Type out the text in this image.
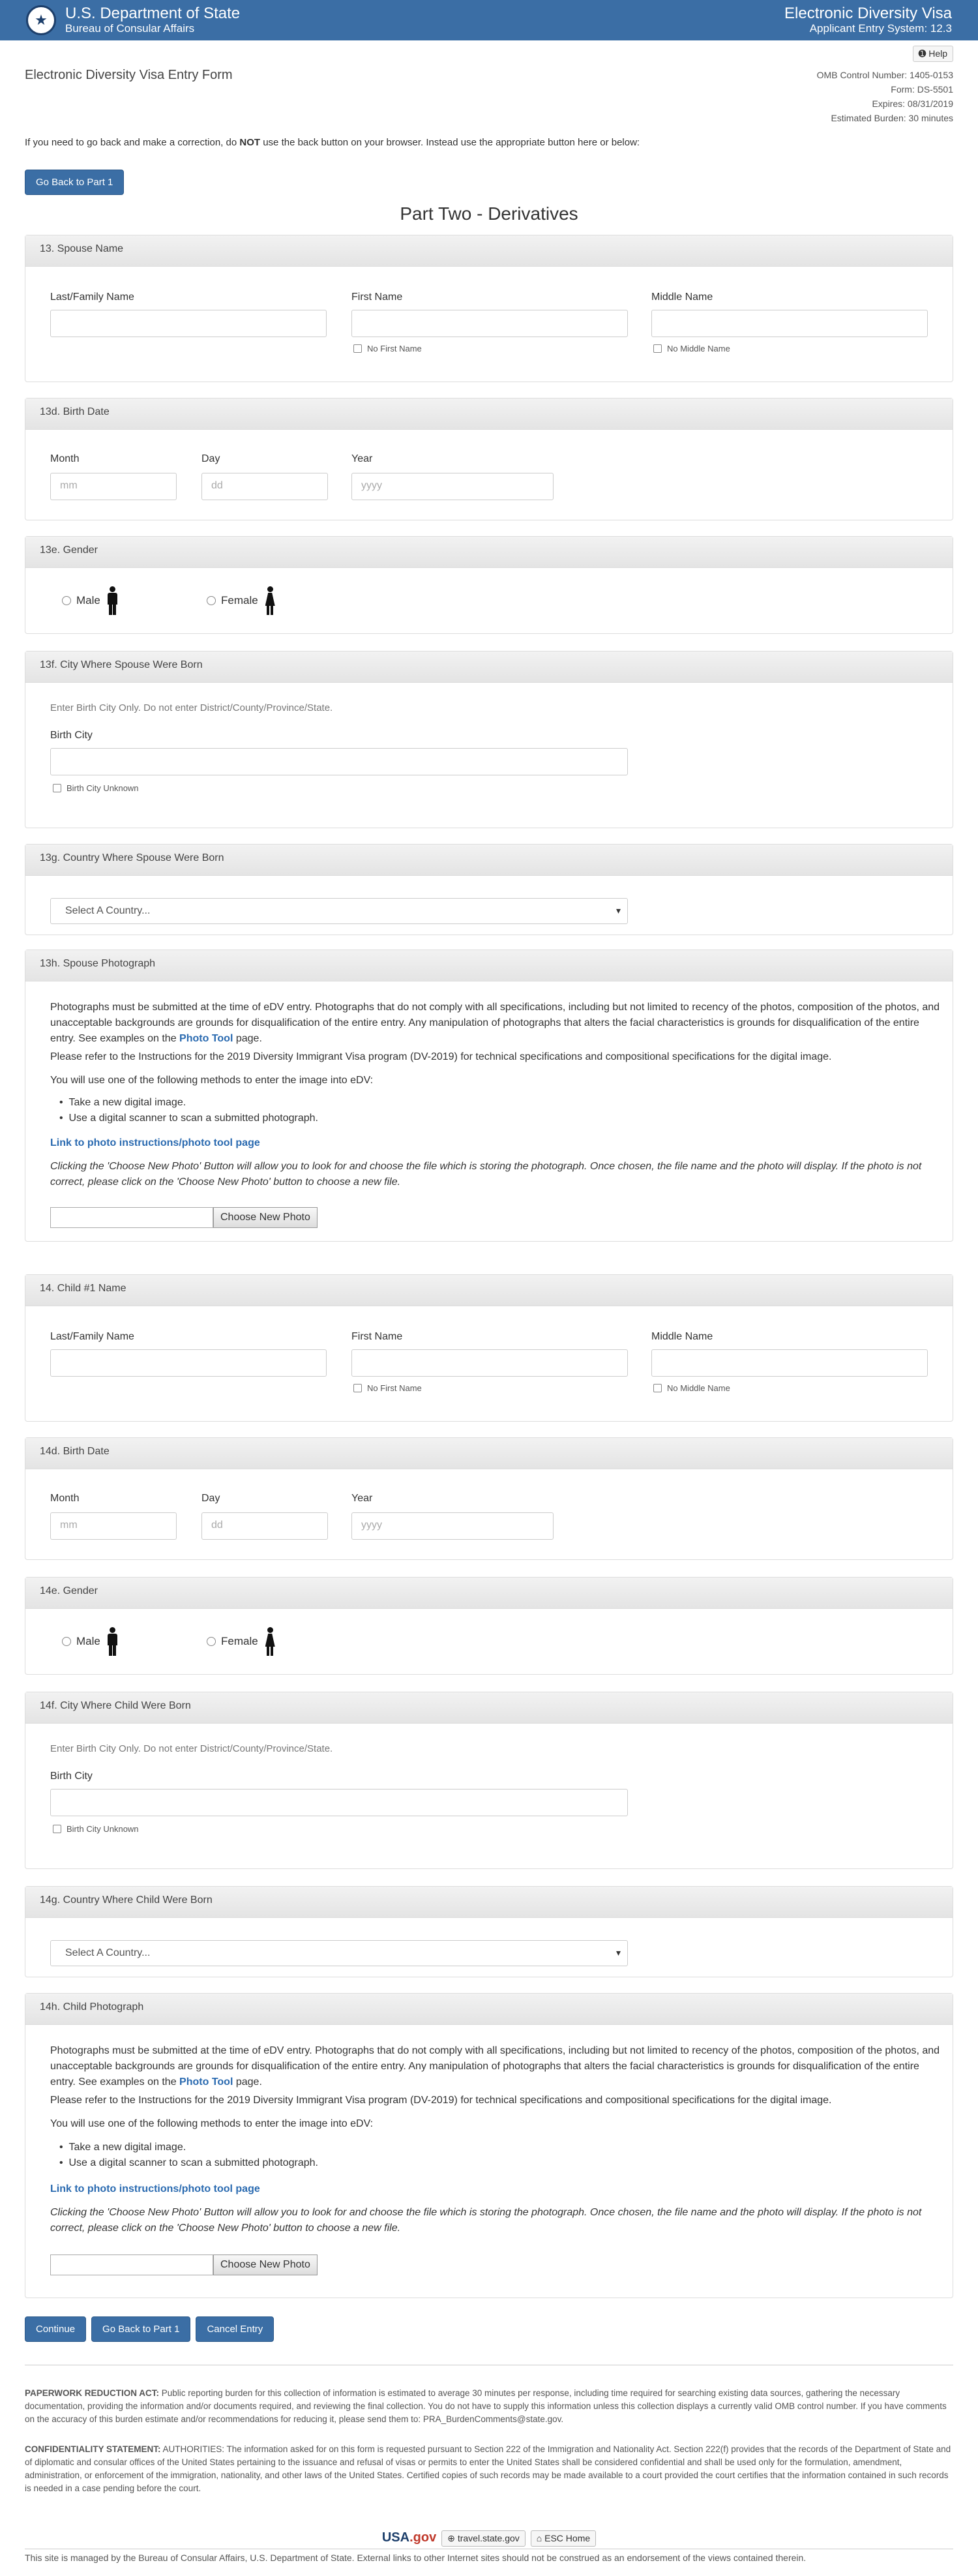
★	U.S. Department of State
Bureau of Consular Affairs
Electronic Diversity Visa
Applicant Entry System: 12.3
Electronic Diversity Visa Entry Form
➊ Help
OMB Control Number: 1405-0153
Form: DS-5501
Expires: 08/31/2019
Estimated Burden: 30 minutes
If you need to go back and make a correction, do NOT use the back button on your browser. Instead use the appropriate button here or below:
Go Back to Part 1
Part Two - Derivatives
13. Spouse Name
Last/Family Name	First Name
No First Name
Middle Name
No Middle Name
13d. Birth Date
Month
mm
Day
dd
Year
yyyy
13e. Gender
Male	Female
13f. City Where Spouse Were Born
Enter Birth City Only. Do not enter District/County/Province/State.
Birth City
Birth City Unknown
13g. Country Where Spouse Were Born
Select A Country...	▾
13h. Spouse Photograph
Photographs must be submitted at the time of eDV entry. Photographs that do not comply with all specifications, including but not limited to recency of the photos, composition of the photos, and unacceptable backgrounds are grounds for disqualification of the entire entry. Any manipulation of photographs that alters the facial characteristics is grounds for disqualification of the entire entry. See examples on the Photo Tool page.
Please refer to the Instructions for the 2019 Diversity Immigrant Visa program (DV-2019) for technical specifications and compositional specifications for the digital image.
You will use one of the following methods to enter the image into eDV:
•  Take a new digital image.
•  Use a digital scanner to scan a submitted photograph.
Link to photo instructions/photo tool page
Clicking the 'Choose New Photo' Button will allow you to look for and choose the file which is storing the photograph. Once chosen, the file name and the photo will display. If the photo is not correct, please click on the 'Choose New Photo' button to choose a new file.
Choose New Photo
14. Child #1 Name
Last/Family Name	First Name
No First Name
Middle Name
No Middle Name
14d. Birth Date
Month
mm
Day
dd
Year
yyyy
14e. Gender
Male	Female
14f. City Where Child Were Born
Enter Birth City Only. Do not enter District/County/Province/State.
Birth City
Birth City Unknown
14g. Country Where Child Were Born
Select A Country...	▾
14h. Child Photograph
Photographs must be submitted at the time of eDV entry. Photographs that do not comply with all specifications, including but not limited to recency of the photos, composition of the photos, and unacceptable backgrounds are grounds for disqualification of the entire entry. Any manipulation of photographs that alters the facial characteristics is grounds for disqualification of the entire entry. See examples on the Photo Tool page.
Please refer to the Instructions for the 2019 Diversity Immigrant Visa program (DV-2019) for technical specifications and compositional specifications for the digital image.
You will use one of the following methods to enter the image into eDV:
•  Take a new digital image.
•  Use a digital scanner to scan a submitted photograph.
Link to photo instructions/photo tool page
Clicking the 'Choose New Photo' Button will allow you to look for and choose the file which is storing the photograph. Once chosen, the file name and the photo will display. If the photo is not correct, please click on the 'Choose New Photo' button to choose a new file.
Choose New Photo
Continue	Go Back to Part 1	Cancel Entry
PAPERWORK REDUCTION ACT: Public reporting burden for this collection of information is estimated to average 30 minutes per response, including time required for searching existing data sources, gathering the necessary documentation, providing the information and/or documents required, and reviewing the final collection. You do not have to supply this information unless this collection displays a currently valid OMB control number. If you have comments on the accuracy of this burden estimate and/or recommendations for reducing it, please send them to: PRA_BurdenComments@state.gov.
CONFIDENTIALITY STATEMENT: AUTHORITIES: The information asked for on this form is requested pursuant to Section 222 of the Immigration and Nationality Act. Section 222(f) provides that the records of the Department of State and of diplomatic and consular offices of the United States pertaining to the issuance and refusal of visas or permits to enter the United States shall be considered confidential and shall be used only for the formulation, amendment, administration, or enforcement of the immigration, nationality, and other laws of the United States. Certified copies of such records may be made available to a court provided the court certifies that the information contained in such records is needed in a case pending before the court.
USA.gov	⊕ travel.state.gov	⌂ ESC Home
This site is managed by the Bureau of Consular Affairs, U.S. Department of State. External links to other Internet sites should not be construed as an endorsement of the views contained therein.
